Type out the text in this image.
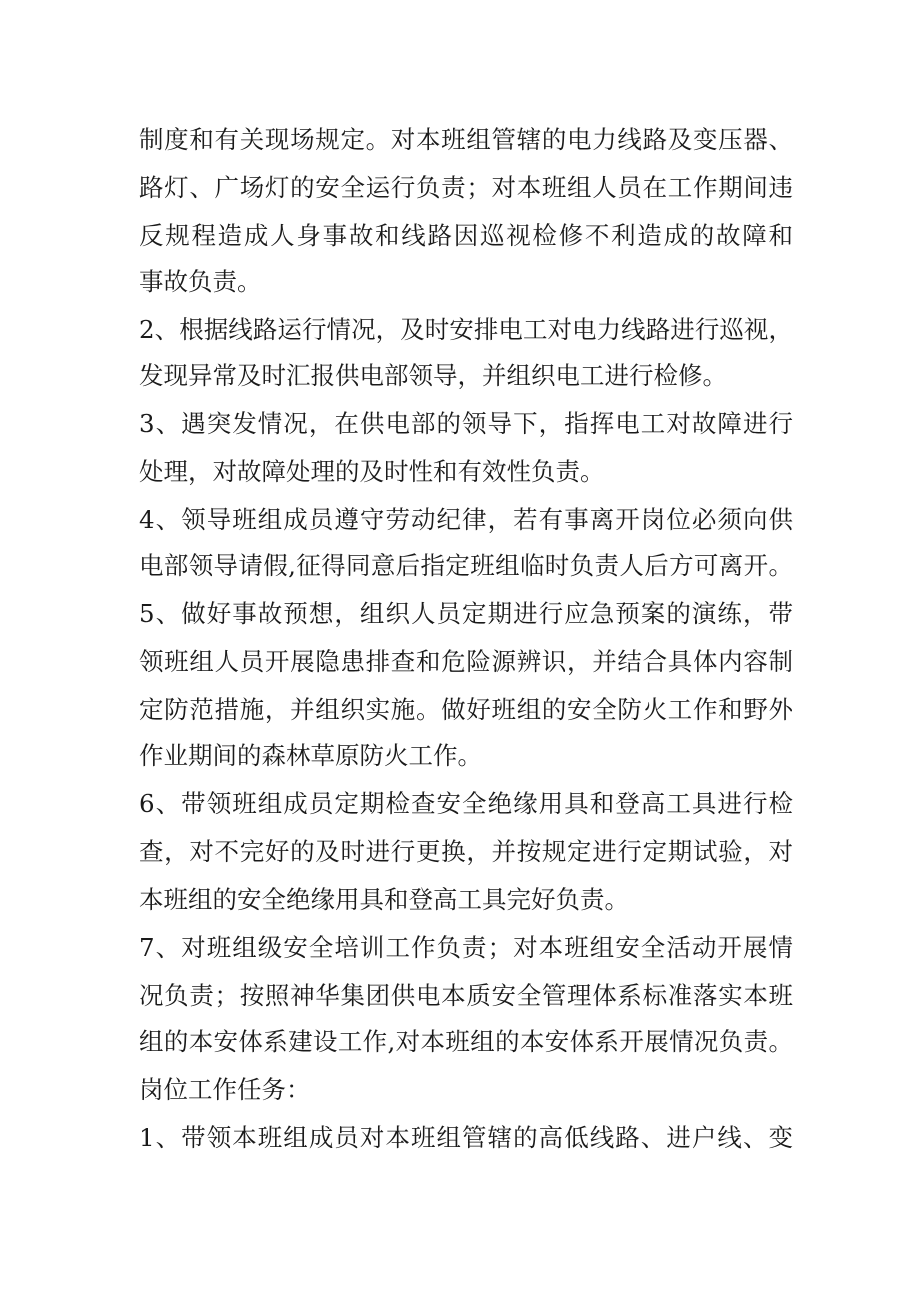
制度和有关现场规定。对本班组管辖的电力线路及变压器、
路灯、广场灯的安全运行负责；对本班组人员在工作期间违
反规程造成人身事故和线路因巡视检修不利造成的故障和
事故负责。
2、根据线路运行情况，及时安排电工对电力线路进行巡视，
发现异常及时汇报供电部领导，并组织电工进行检修。
3、遇突发情况，在供电部的领导下，指挥电工对故障进行
处理，对故障处理的及时性和有效性负责。
4、领导班组成员遵守劳动纪律，若有事离开岗位必须向供
电部领导请假,征得同意后指定班组临时负责人后方可离开。
5、做好事故预想，组织人员定期进行应急预案的演练，带
领班组人员开展隐患排查和危险源辨识，并结合具体内容制
定防范措施，并组织实施。做好班组的安全防火工作和野外
作业期间的森林草原防火工作。
6、带领班组成员定期检查安全绝缘用具和登高工具进行检
查，对不完好的及时进行更换，并按规定进行定期试验，对
本班组的安全绝缘用具和登高工具完好负责。
7、对班组级安全培训工作负责；对本班组安全活动开展情
况负责；按照神华集团供电本质安全管理体系标准落实本班
组的本安体系建设工作,对本班组的本安体系开展情况负责。
岗位工作任务：
1、带领本班组成员对本班组管辖的高低线路、进户线、变
